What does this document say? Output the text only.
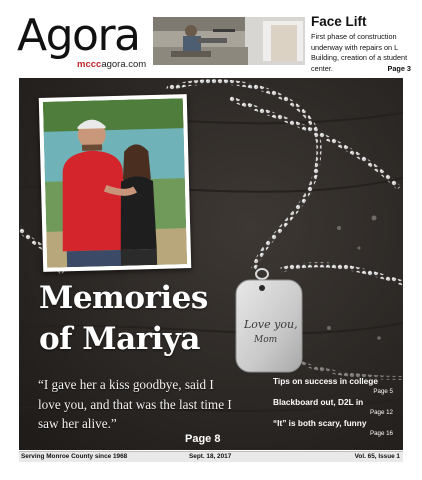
Agora
mcccagora.com
Face Lift
First phase of construction underway with repairs on L Building, creation of a student center.	Page 3
Love you,
Mom
Memories
of Mariya
“I gave her a kiss goodbye, said I love you, and that was the last time I saw her alive.”
Page 8
Tips on success in college
Page 5
Blackboard out, D2L in
Page 12
“It” is both scary, funny
Page 16
Serving Monroe County since 1968	Sept. 18, 2017	Vol. 65, Issue 1
